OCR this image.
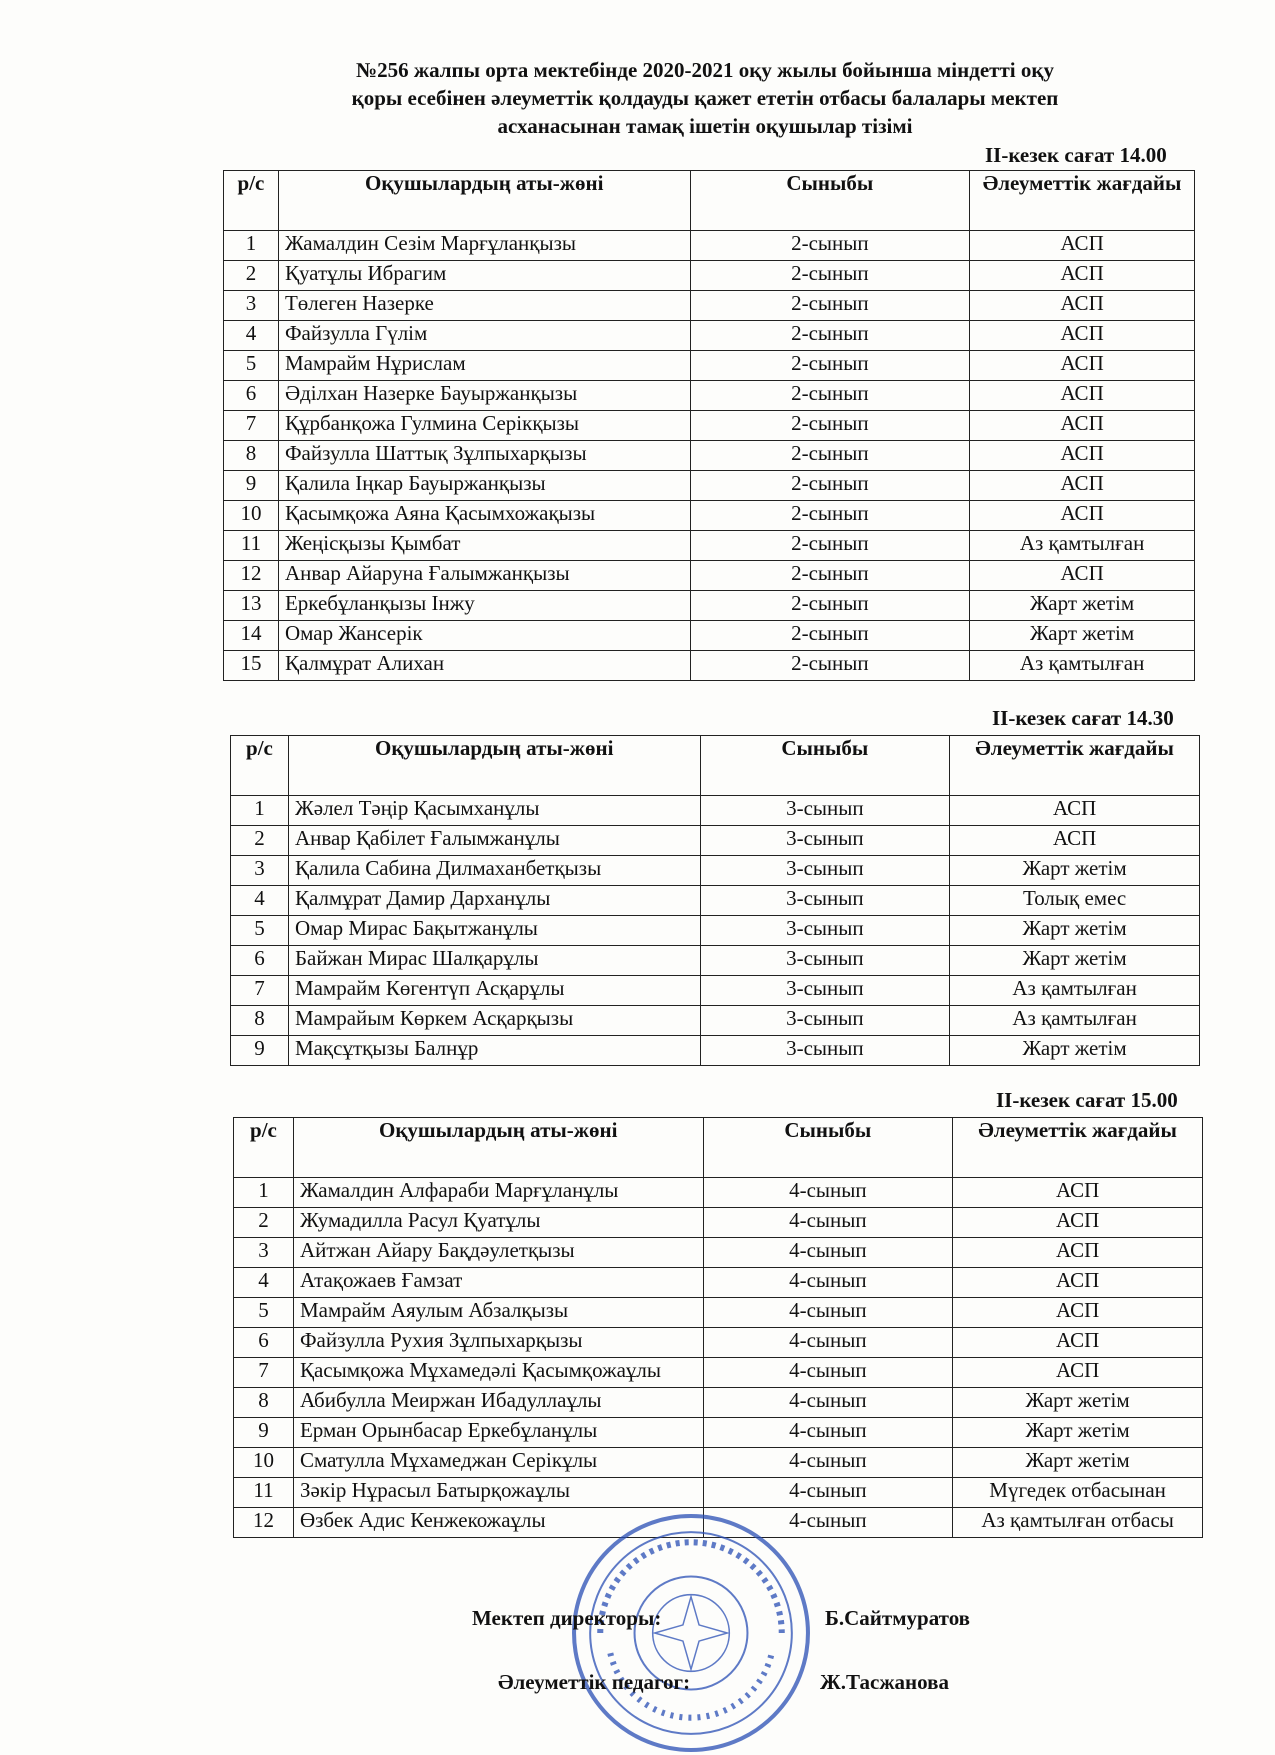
№256 жалпы орта мектебінде 2020-2021 оқу жылы бойынша міндетті оқу
қоры есебінен әлеуметтік қолдауды қажет ететін отбасы балалары мектеп
асханасынан тамақ ішетін оқушылар тізімі
ІІ-кезек сағат 14.00
р/с	Оқушылардың аты-жөні	Сыныбы	Әлеуметтік жағдайы
1	Жамалдин Сезім Марғұланқызы	2-сынып	АСП
2	Қуатұлы Ибрагим	2-сынып	АСП
3	Төлеген Назерке	2-сынып	АСП
4	Файзулла Гүлім	2-сынып	АСП
5	Мамрайм Нұрислам	2-сынып	АСП
6	Әділхан Назерке Бауыржанқызы	2-сынып	АСП
7	Құрбанқожа Гулмина Серікқызы	2-сынып	АСП
8	Файзулла Шаттық Зұлпыхарқызы	2-сынып	АСП
9	Қалила Іңкар Бауыржанқызы	2-сынып	АСП
10	Қасымқожа Аяна Қасымхожақызы	2-сынып	АСП
11	Жеңісқызы Қымбат	2-сынып	Аз қамтылған
12	Анвар Айаруна Ғалымжанқызы	2-сынып	АСП
13	Еркебұланқызы Інжу	2-сынып	Жарт жетім
14	Омар Жансерік	2-сынып	Жарт жетім
15	Қалмұрат Алихан	2-сынып	Аз қамтылған
ІІ-кезек сағат 14.30
р/с	Оқушылардың аты-жөні	Сыныбы	Әлеуметтік жағдайы
1	Жәлел Тәңір Қасымханұлы	3-сынып	АСП
2	Анвар Қабілет Ғалымжанұлы	3-сынып	АСП
3	Қалила Сабина Дилмаханбетқызы	3-сынып	Жарт жетім
4	Қалмұрат Дамир Дарханұлы	3-сынып	Толық емес
5	Омар Мирас Бақытжанұлы	3-сынып	Жарт жетім
6	Байжан Мирас Шалқарұлы	3-сынып	Жарт жетім
7	Мамрайм Көгентүп Асқарұлы	3-сынып	Аз қамтылған
8	Мамрайым Көркем Асқарқызы	3-сынып	Аз қамтылған
9	Мақсұтқызы Балнұр	3-сынып	Жарт жетім
ІІ-кезек сағат 15.00
р/с	Оқушылардың аты-жөні	Сыныбы	Әлеуметтік жағдайы
1	Жамалдин Алфараби Марғұланұлы	4-сынып	АСП
2	Жумадилла Расул Қуатұлы	4-сынып	АСП
3	Айтжан Айару Бақдәулетқызы	4-сынып	АСП
4	Атақожаев Ғамзат	4-сынып	АСП
5	Мамрайм Аяулым Абзалқызы	4-сынып	АСП
6	Файзулла Рухия Зұлпыхарқызы	4-сынып	АСП
7	Қасымқожа Мұхамедәлі Қасымқожаұлы	4-сынып	АСП
8	Абибулла Меиржан Ибадуллаұлы	4-сынып	Жарт жетім
9	Ерман Орынбасар Еркебұланұлы	4-сынып	Жарт жетім
10	Сматулла Мұхамеджан Серікұлы	4-сынып	Жарт жетім
11	Зәкір Нұрасыл Батырқожаұлы	4-сынып	Мүгедек отбасынан
12	Өзбек Адис Кенжекожаұлы	4-сынып	Аз қамтылған отбасы
Мектеп директоры:	Б.Сайтмуратов
Әлеуметтік педагог:	Ж.Тасжанова
